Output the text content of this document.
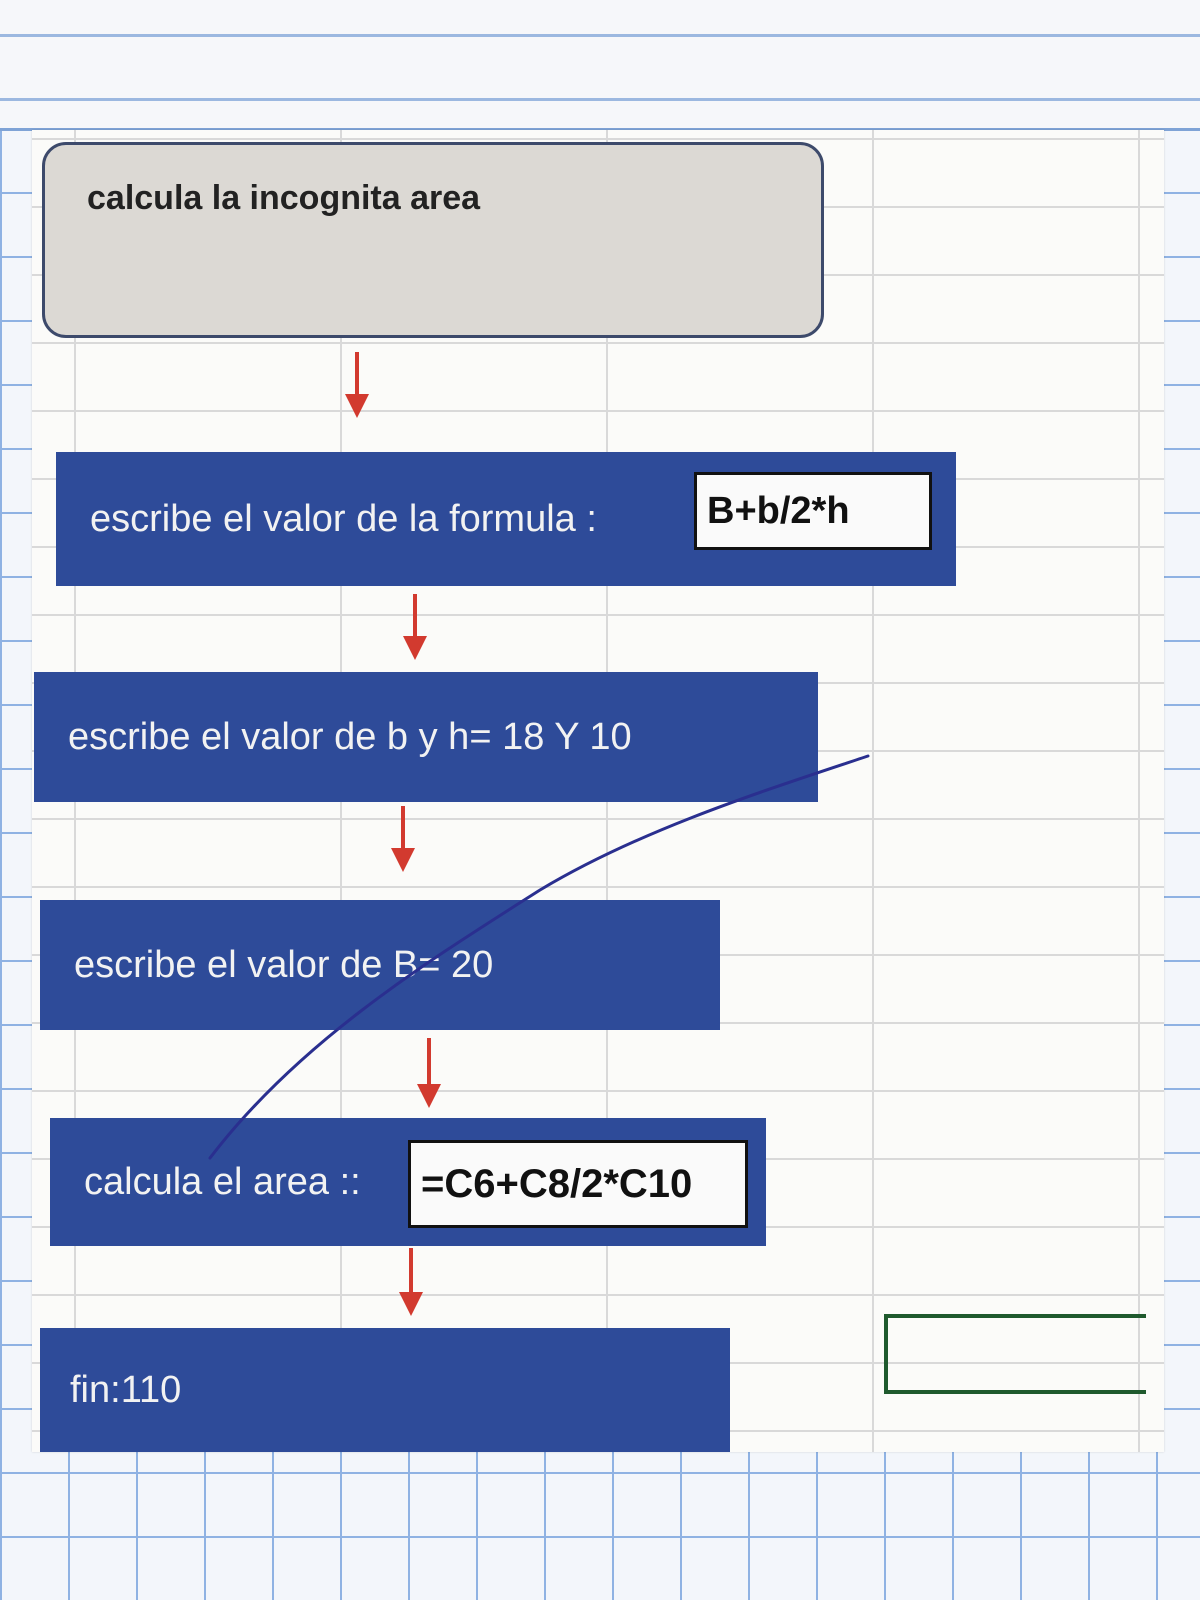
calcula la incognita area
escribe el valor de la formula :	B+b/2*h
escribe el valor de b y h= 18 Y 10
escribe el valor de B= 20
calcula el area :: =C6+C8/2*C10
fin:110
